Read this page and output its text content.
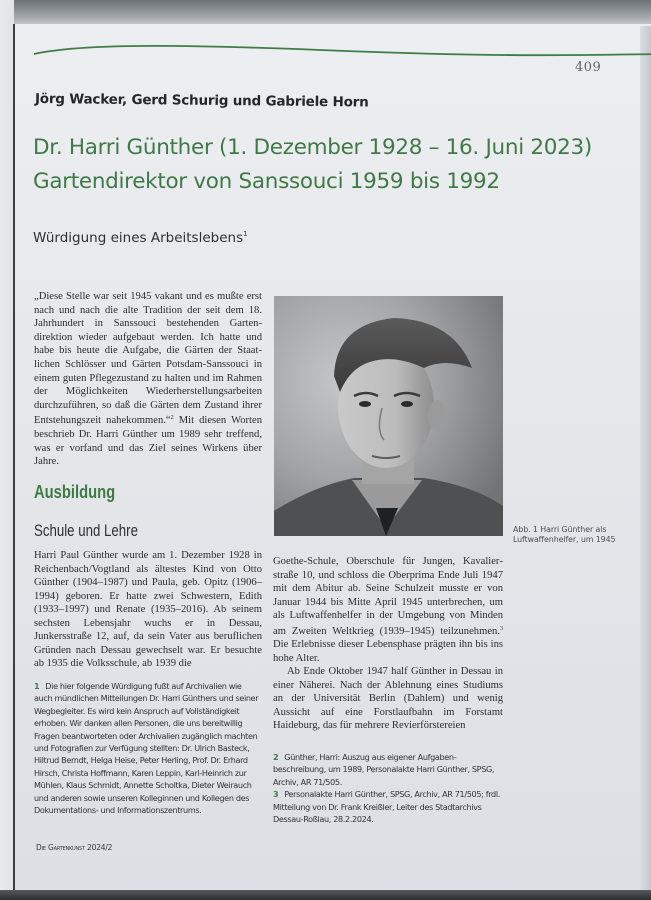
409
Jörg Wacker, Gerd Schurig und Gabriele Horn
Dr. Harri Günther (1. Dezember 1928 – 16. Juni 2023)
Gartendirektor von Sanssouci 1959 bis 1992
Würdigung eines Arbeitslebens$^1$
„Diese Stelle war seit 1945 vakant und es mußte erst nach und nach die alte Tradition der seit dem 18. Jahrhundert in Sanssouci bestehenden Gartendirektion wieder aufgebaut werden. Ich hatte und habe bis heute die Aufgabe, die Gärten der Staatlichen Schlösser und Gärten Potsdam-Sanssouci in einem guten Pflegezustand zu halten und im Rahmen der Möglichkeiten Wiederherstellungsarbeiten durchzuführen, so daß die Gärten dem Zustand ihrer Entstehungszeit nahekommen.“$^2$ Mit diesen Worten beschrieb Dr. Harri Günther um 1989 sehr treffend, was er vorfand und das Ziel seines Wirkens über Jahre.
Ausbildung
Schule und Lehre
Harri Paul Günther wurde am 1. Dezember 1928 in Reichenbach/Vogtland als ältestes Kind von Otto Günther (1904–1987) und Paula, geb. Opitz (1906–1994) geboren. Er hatte zwei Schwestern, Edith (1933–1997) und Renate (1935–2016). Ab seinem sechsten Lebensjahr wuchs er in Dessau, Junkersstraße 12, auf, da sein Vater aus beruflichen Gründen nach Dessau gewechselt war. Er besuchte ab 1935 die Volksschule, ab 1939 die

1 Die hier folgende Würdigung fußt auf Archivalien wie auch mündlichen Mitteilungen Dr. Harri Günthers und seiner Wegbegleiter. Es wird kein Anspruch auf Vollständigkeit erhoben. Wir danken allen Personen, die uns bereitwillig Fragen beantworteten oder Archivalien zugänglich machten und Fotografien zur Verfügung stellten: Dr. Ulrich Basteck, Hiltrud Berndt, Helga Heise, Peter Herling, Prof. Dr. Erhard Hirsch, Christa Hoffmann, Karen Leppin, Karl-Heinrich zur Mühlen, Klaus Schmidt, Annette Scholtka, Dieter Weirauch und anderen sowie unseren Kolleginnen und Kollegen des Dokumentations- und Informationszentrums.

Abb. 1 Harri Günther als Luftwaffenhelfer, um 1945

Goethe-Schule, Oberschule für Jungen, Kavalierstraße 10, und schloss die Oberprima Ende Juli 1947 mit dem Abitur ab. Seine Schulzeit musste er von Januar 1944 bis Mitte April 1945 unterbrechen, um als Luftwaffenhelfer in der Umgebung von Minden am Zweiten Weltkrieg (1939–1945) teilzunehmen.$^3$ Die Erlebnisse dieser Lebensphase prägten ihn bis ins hohe Alter.

Ab Ende Oktober 1947 half Günther in Dessau in einer Näherei. Nach der Ablehnung eines Studiums an der Universität Berlin (Dahlem) und wenig Aussicht auf eine Forstlaufbahn im Forstamt Haideburg, das für mehrere Revierförstereien

2 Günther, Harri: Auszug aus eigener Aufgabenbeschreibung, um 1989, Personalakte Harri Günther, SPSG, Archiv, AR 71/505.

3 Personalakte Harri Günther, SPSG, Archiv, AR 71/505; frdl. Mitteilung von Dr. Frank Kreißler, Leiter des Stadtarchivs Dessau-Roßlau, 28.2.2024.

Die Gartenkunst 2024/2
